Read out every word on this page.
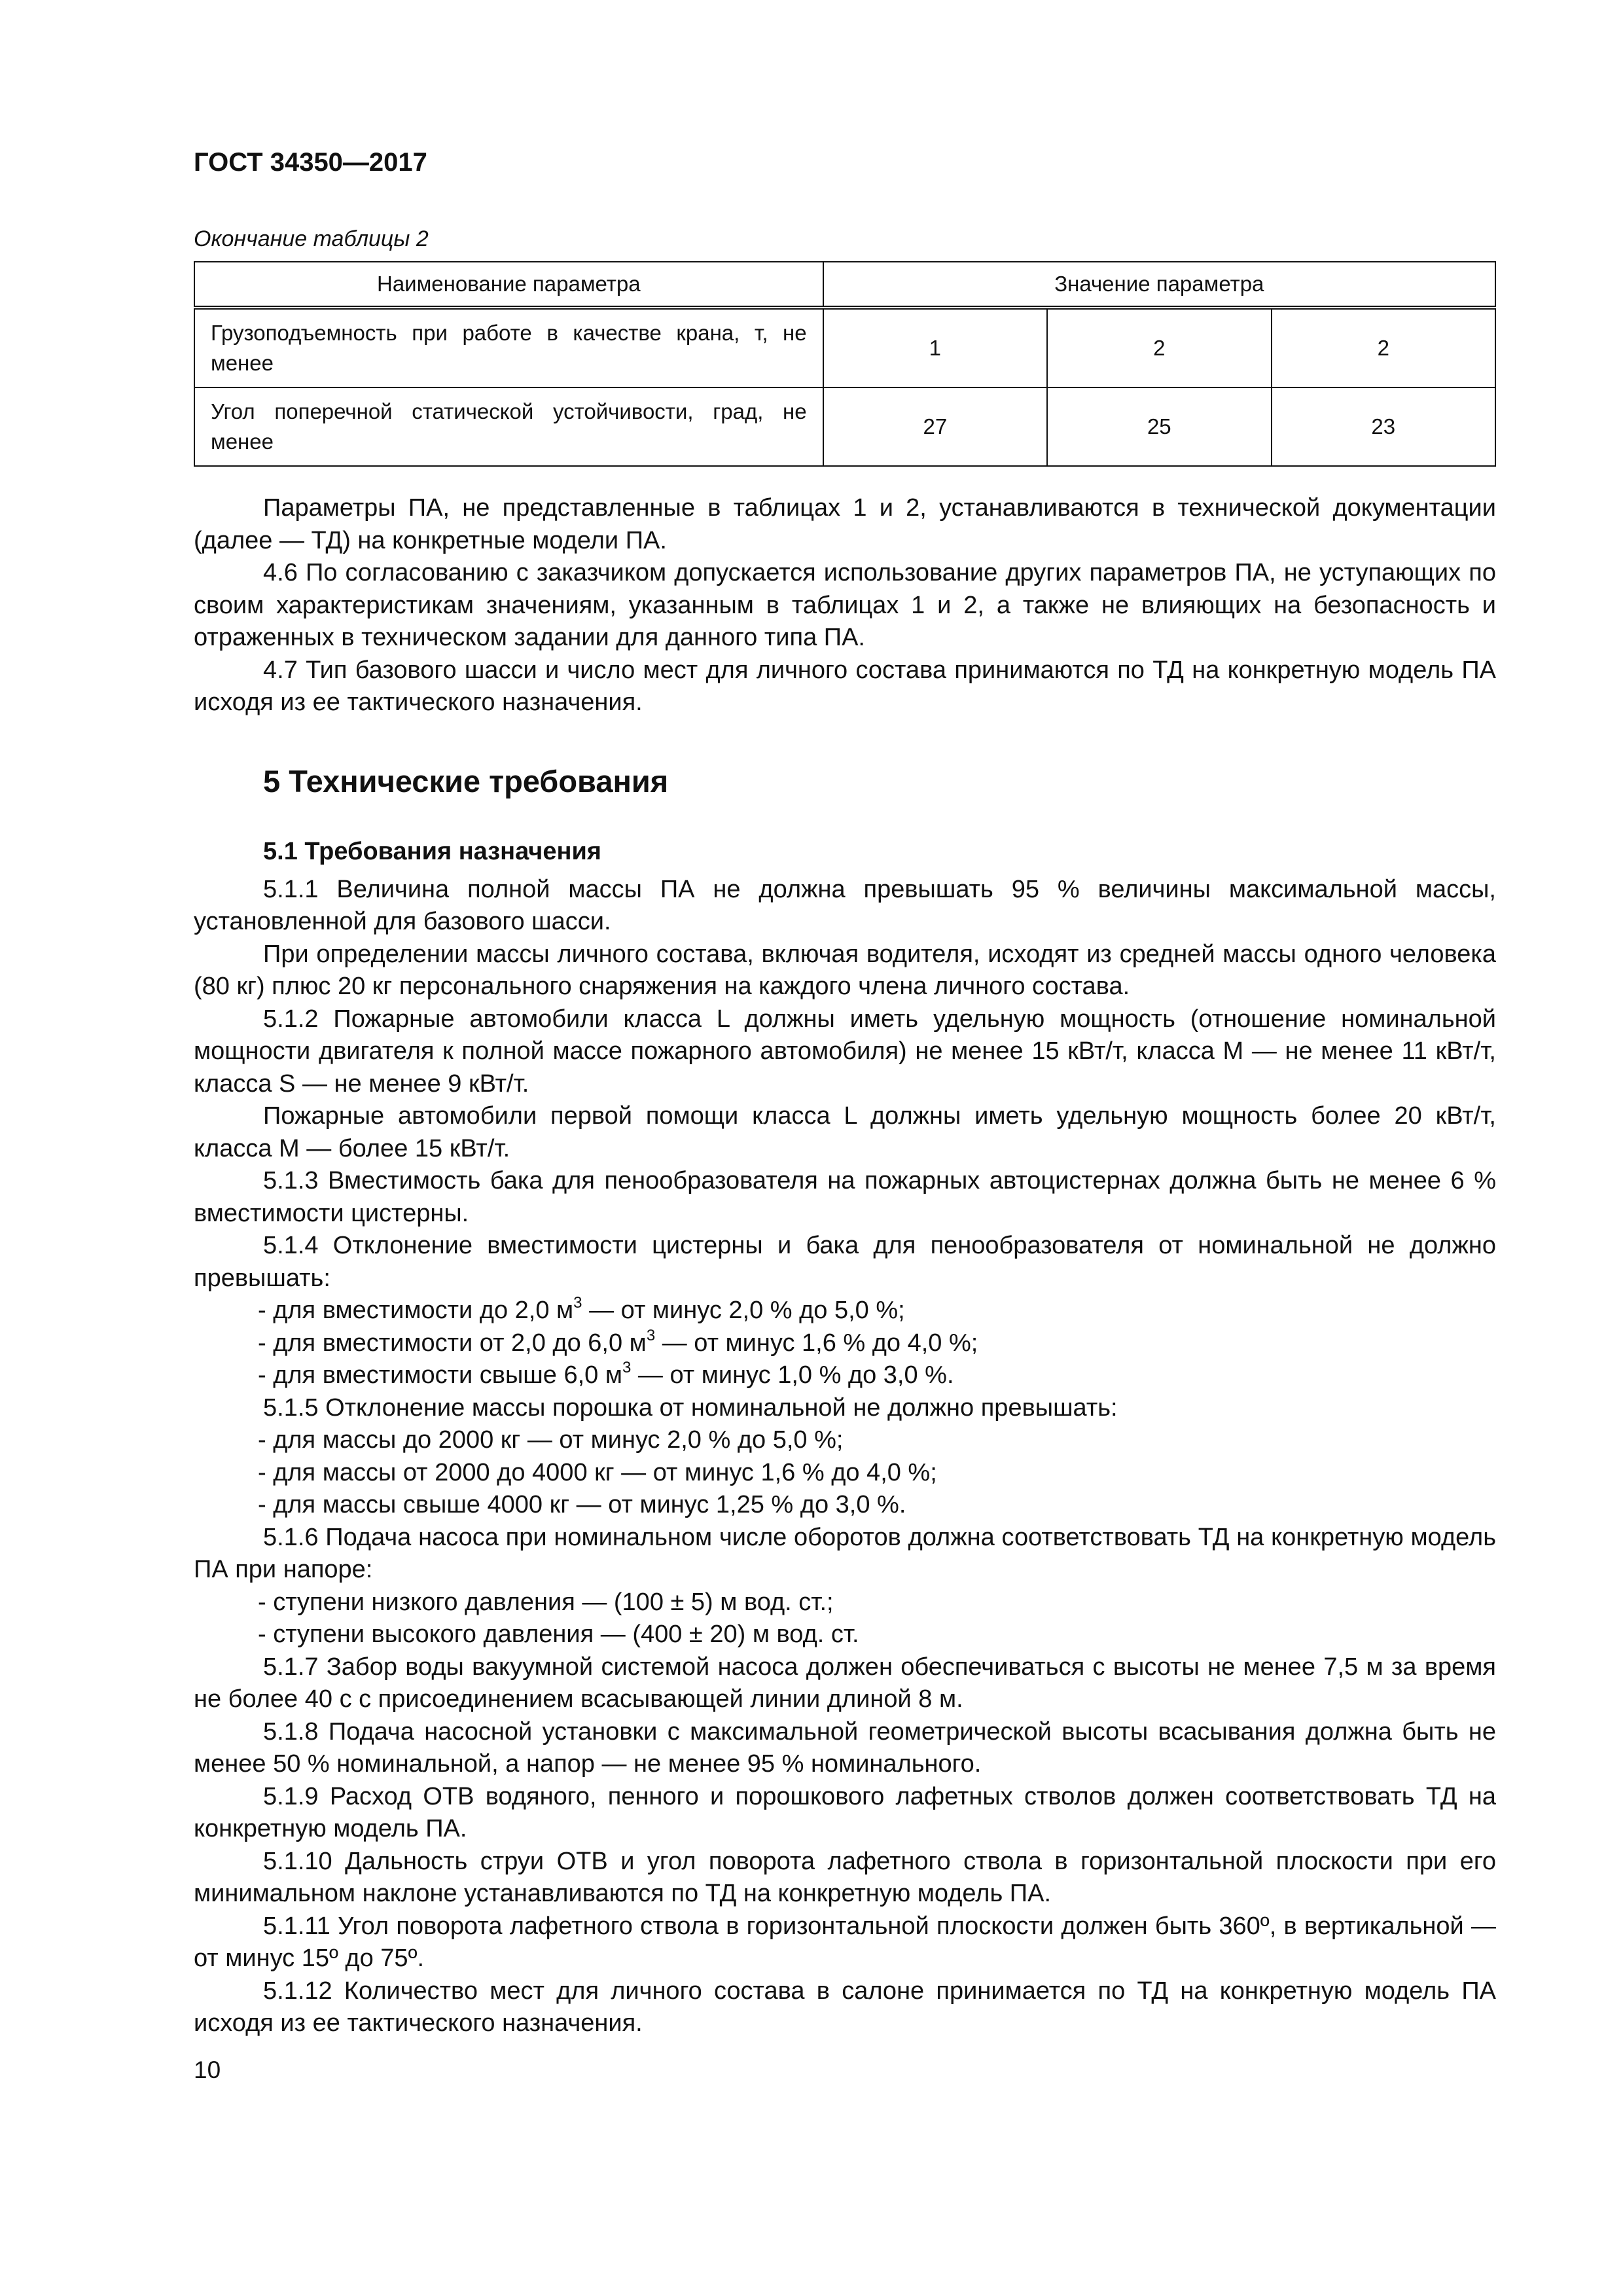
ГОСТ 34350—2017
Окончание таблицы 2
Наименование параметра	Значение параметра		
Грузоподъемность при работе в качестве крана, т, не менее	1	2	2
Угол поперечной статической устойчивости, град, не менее	27	25	23

Параметры ПА, не представленные в таблицах 1 и 2, устанавливаются в технической документации (далее — ТД) на конкретные модели ПА.

4.6 По согласованию с заказчиком допускается использование других параметров ПА, не уступающих по своим характеристикам значениям, указанным в таблицах 1 и 2, а также не влияющих на безопасность и отраженных в техническом задании для данного типа ПА.

4.7 Тип базового шасси и число мест для личного состава принимаются по ТД на конкретную модель ПА исходя из ее тактического назначения.

5 Технические требования
5.1 Требования назначения

5.1.1 Величина полной массы ПА не должна превышать 95 % величины максимальной массы, установленной для базового шасси.

При определении массы личного состава, включая водителя, исходят из средней массы одного человека (80 кг) плюс 20 кг персонального снаряжения на каждого члена личного состава.

5.1.2 Пожарные автомобили класса L должны иметь удельную мощность (отношение номинальной мощности двигателя к полной массе пожарного автомобиля) не менее 15 кВт/т, класса М — не менее 11 кВт/т, класса S — не менее 9 кВт/т.

Пожарные автомобили первой помощи класса L должны иметь удельную мощность более 20 кВт/т, класса М — более 15 кВт/т.

5.1.3 Вместимость бака для пенообразователя на пожарных автоцистернах должна быть не менее 6 % вместимости цистерны.

5.1.4 Отклонение вместимости цистерны и бака для пенообразователя от номинальной не должно превышать:

- для вместимости до 2,0 $м^3$ — от минус 2,0 % до 5,0 %;

- для вместимости от 2,0 до 6,0 $м^3$ — от минус 1,6 % до 4,0 %;

- для вместимости свыше 6,0 $м^3$ — от минус 1,0 % до 3,0 %.

5.1.5 Отклонение массы порошка от номинальной не должно превышать:

- для массы до 2000 кг — от минус 2,0 % до 5,0 %;

- для массы от 2000 до 4000 кг — от минус 1,6 % до 4,0 %;

- для массы свыше 4000 кг — от минус 1,25 % до 3,0 %.

5.1.6 Подача насоса при номинальном числе оборотов должна соответствовать ТД на конкретную модель ПА при напоре:

- ступени низкого давления — (100 ± 5) м вод. ст.;

- ступени высокого давления — (400 ± 20) м вод. ст.

5.1.7 Забор воды вакуумной системой насоса должен обеспечиваться с высоты не менее 7,5 м за время не более 40 с с присоединением всасывающей линии длиной 8 м.

5.1.8 Подача насосной установки с максимальной геометрической высоты всасывания должна быть не менее 50 % номинальной, а напор — не менее 95 % номинального.

5.1.9 Расход ОТВ водяного, пенного и порошкового лафетных стволов должен соответствовать ТД на конкретную модель ПА.

5.1.10 Дальность струи ОТВ и угол поворота лафетного ствола в горизонтальной плоскости при его минимальном наклоне устанавливаются по ТД на конкретную модель ПА.

5.1.11 Угол поворота лафетного ствола в горизонтальной плоскости должен быть 360º, в вертикальной — от минус 15º до 75º.

5.1.12 Количество мест для личного состава в салоне принимается по ТД на конкретную модель ПА исходя из ее тактического назначения.

10
